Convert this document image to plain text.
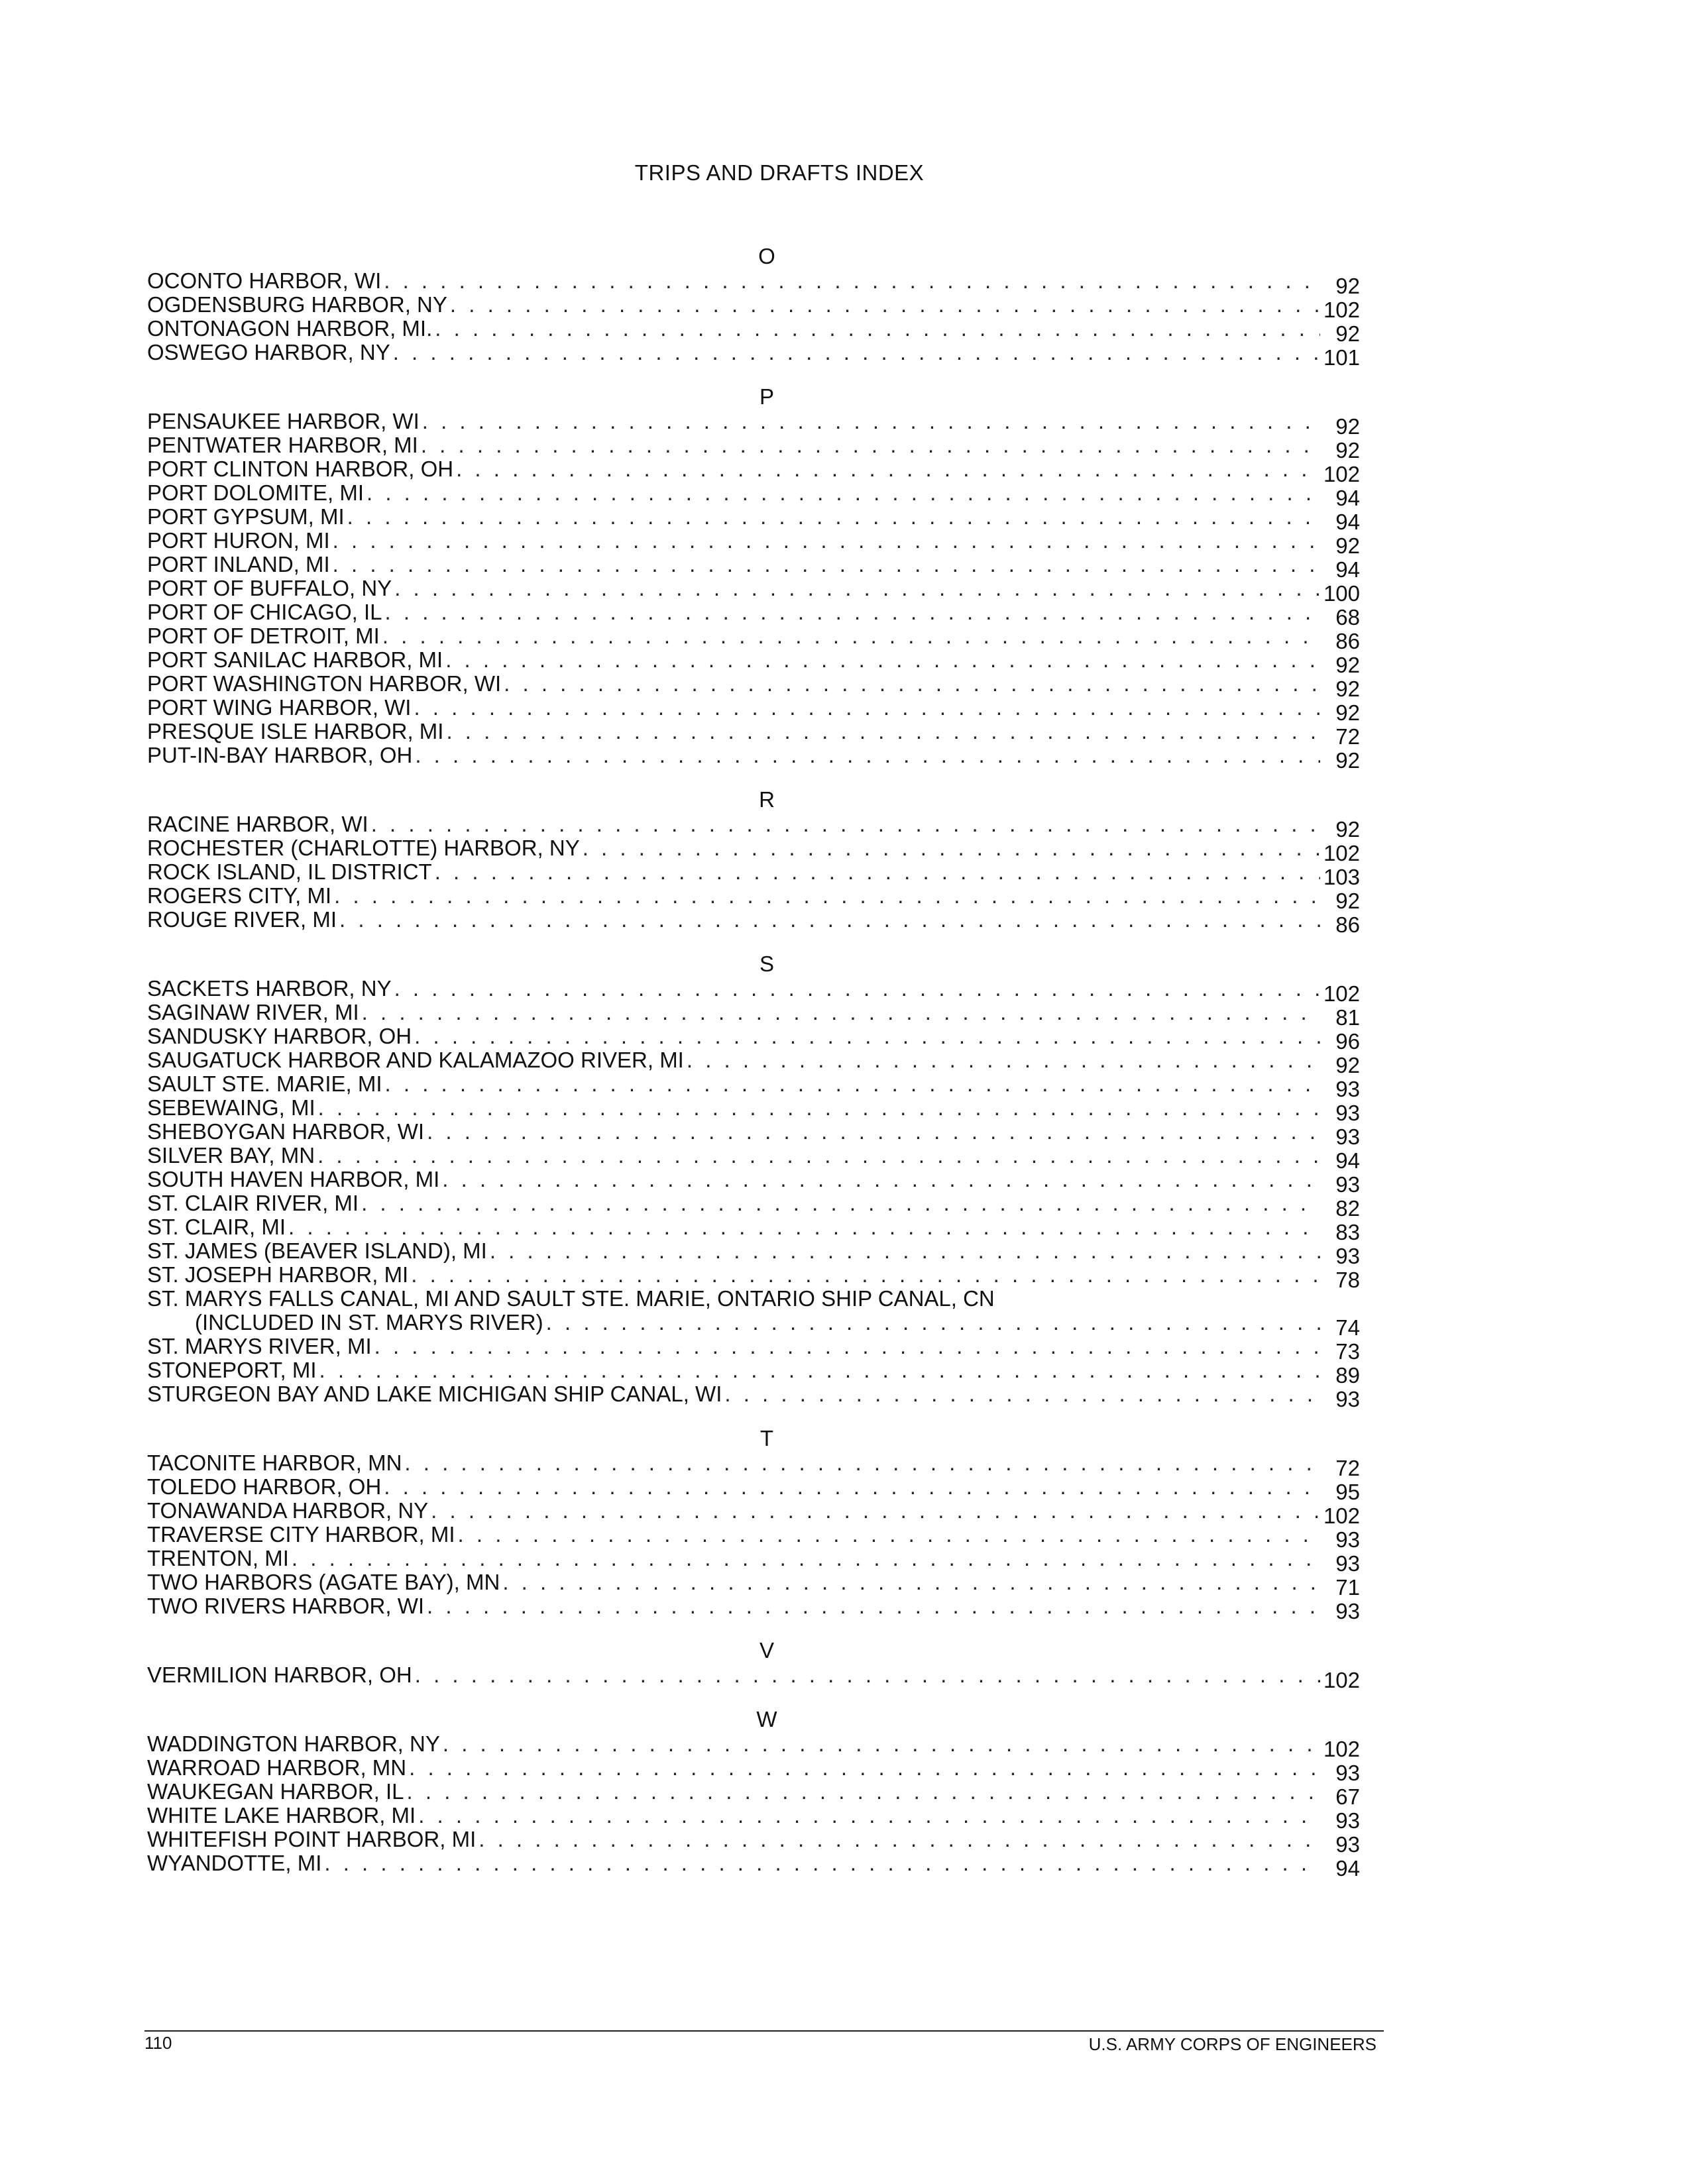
TRIPS AND DRAFTS INDEX
O
OCONTO HARBOR, WI . . .	92
OGDENSBURG HARBOR, NY . . .	102
ONTONAGON HARBOR, MI. . . .	92
OSWEGO HARBOR, NY . . .	101
P
PENSAUKEE HARBOR, WI . . .	92
PENTWATER HARBOR, MI . . .	92
PORT CLINTON HARBOR, OH . . .	102
PORT DOLOMITE, MI . . .	94
PORT GYPSUM, MI . . .	94
PORT HURON, MI . . .	92
PORT INLAND, MI . . .	94
PORT OF BUFFALO, NY . . .	100
PORT OF CHICAGO, IL . . .	68
PORT OF DETROIT, MI . . .	86
PORT SANILAC HARBOR, MI . . .	92
PORT WASHINGTON HARBOR, WI . . .	92
PORT WING HARBOR, WI . . .	92
PRESQUE ISLE HARBOR, MI . . .	72
PUT-IN-BAY HARBOR, OH . . .	92
R
RACINE HARBOR, WI . . .	92
ROCHESTER (CHARLOTTE) HARBOR, NY . . .	102
ROCK ISLAND, IL DISTRICT . . .	103
ROGERS CITY, MI . . .	92
ROUGE RIVER, MI . . .	86
S
SACKETS HARBOR, NY . . .	102
SAGINAW RIVER, MI . . .	81
SANDUSKY HARBOR, OH . . .	96
SAUGATUCK HARBOR AND KALAMAZOO RIVER, MI . . .	92
SAULT STE. MARIE, MI . . .	93
SEBEWAING, MI . . .	93
SHEBOYGAN HARBOR, WI . . .	93
SILVER BAY, MN . . .	94
SOUTH HAVEN HARBOR, MI . . .	93
ST. CLAIR RIVER, MI . . .	82
ST. CLAIR, MI . . .	83
ST. JAMES (BEAVER ISLAND), MI . . .	93
ST. JOSEPH HARBOR, MI . . .	78
ST. MARYS FALLS CANAL, MI AND SAULT STE. MARIE, ONTARIO SHIP CANAL, CN
(INCLUDED IN ST. MARYS RIVER) . . .	74
ST. MARYS RIVER, MI . . .	73
STONEPORT, MI . . .	89
STURGEON BAY AND LAKE MICHIGAN SHIP CANAL, WI . . .	93
T
TACONITE HARBOR, MN . . .	72
TOLEDO HARBOR, OH . . .	95
TONAWANDA HARBOR, NY . . .	102
TRAVERSE CITY HARBOR, MI . . .	93
TRENTON, MI . . .	93
TWO HARBORS (AGATE BAY), MN . . .	71
TWO RIVERS HARBOR, WI . . .	93
V
VERMILION HARBOR, OH . . .	102
W
WADDINGTON HARBOR, NY . . .	102
WARROAD HARBOR, MN . . .	93
WAUKEGAN HARBOR, IL . . .	67
WHITE LAKE HARBOR, MI . . .	93
WHITEFISH POINT HARBOR, MI . . .	93
WYANDOTTE, MI . . .	94
110	U.S. ARMY CORPS OF ENGINEERS
